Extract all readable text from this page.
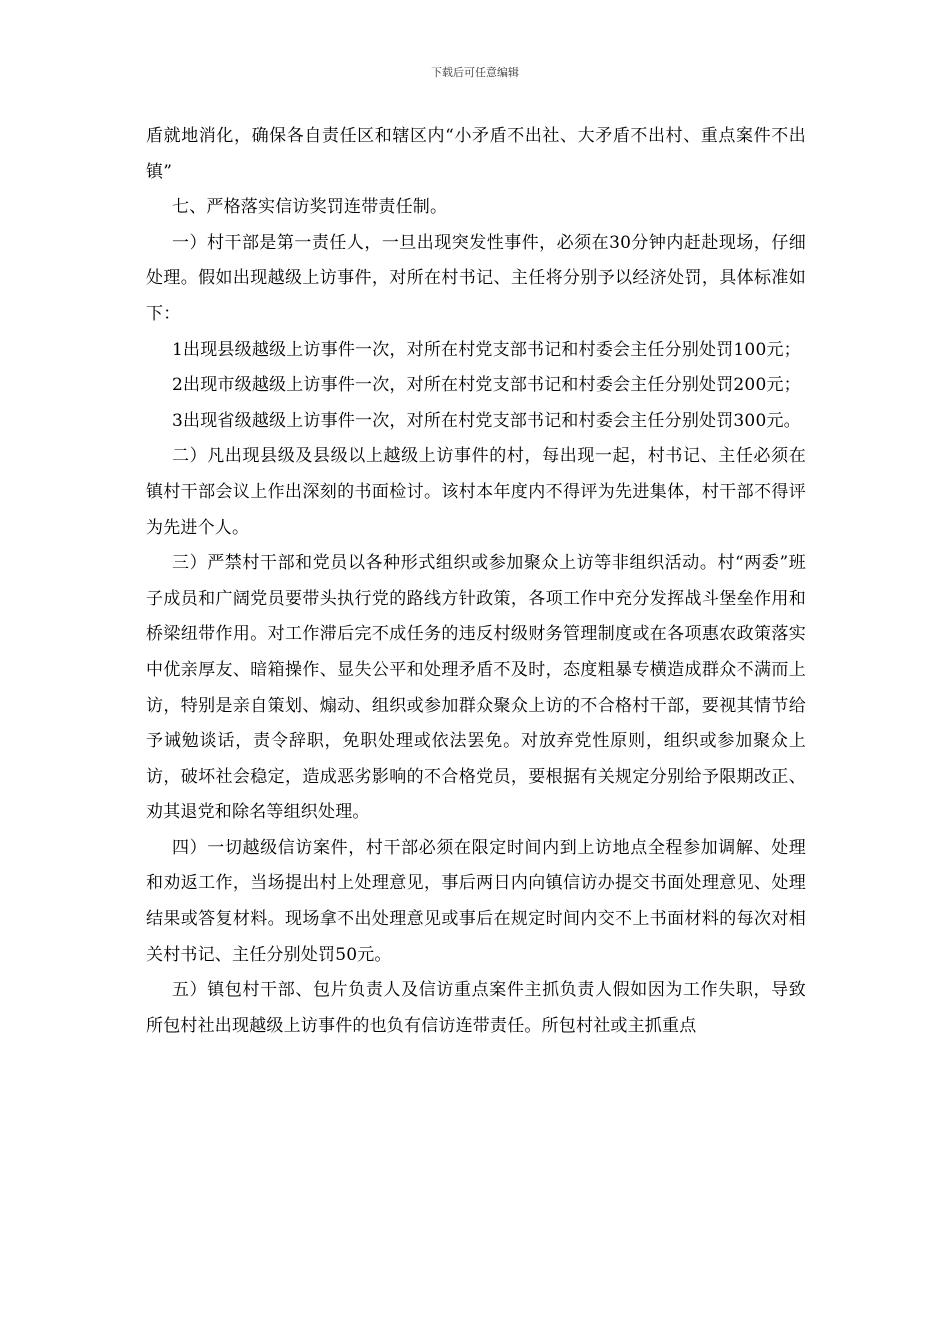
下载后可任意编辑

盾就地消化，确保各自责任区和辖区内“小矛盾不出社、大矛盾不出村、重点案件不出镇”

七、严格落实信访奖罚连带责任制。

一）村干部是第一责任人，一旦出现突发性事件，必须在30分钟内赶赴现场，仔细处理。假如出现越级上访事件，对所在村书记、主任将分别予以经济处罚，具体标准如下：

1出现县级越级上访事件一次，对所在村党支部书记和村委会主任分别处罚100元；

2出现市级越级上访事件一次，对所在村党支部书记和村委会主任分别处罚200元；

3出现省级越级上访事件一次，对所在村党支部书记和村委会主任分别处罚300元。

二）凡出现县级及县级以上越级上访事件的村，每出现一起，村书记、主任必须在镇村干部会议上作出深刻的书面检讨。该村本年度内不得评为先进集体，村干部不得评为先进个人。

三）严禁村干部和党员以各种形式组织或参加聚众上访等非组织活动。村“两委”班子成员和广阔党员要带头执行党的路线方针政策，各项工作中充分发挥战斗堡垒作用和桥梁纽带作用。对工作滞后完不成任务的违反村级财务管理制度或在各项惠农政策落实中优亲厚友、暗箱操作、显失公平和处理矛盾不及时，态度粗暴专横造成群众不满而上访，特别是亲自策划、煽动、组织或参加群众聚众上访的不合格村干部，要视其情节给予诫勉谈话，责令辞职，免职处理或依法罢免。对放弃党性原则，组织或参加聚众上访，破坏社会稳定，造成恶劣影响的不合格党员，要根据有关规定分别给予限期改正、劝其退党和除名等组织处理。

四）一切越级信访案件，村干部必须在限定时间内到上访地点全程参加调解、处理和劝返工作，当场提出村上处理意见，事后两日内向镇信访办提交书面处理意见、处理结果或答复材料。现场拿不出处理意见或事后在规定时间内交不上书面材料的每次对相关村书记、主任分别处罚50元。

五）镇包村干部、包片负责人及信访重点案件主抓负责人假如因为工作失职，导致所包村社出现越级上访事件的也负有信访连带责任。所包村社或主抓重点
